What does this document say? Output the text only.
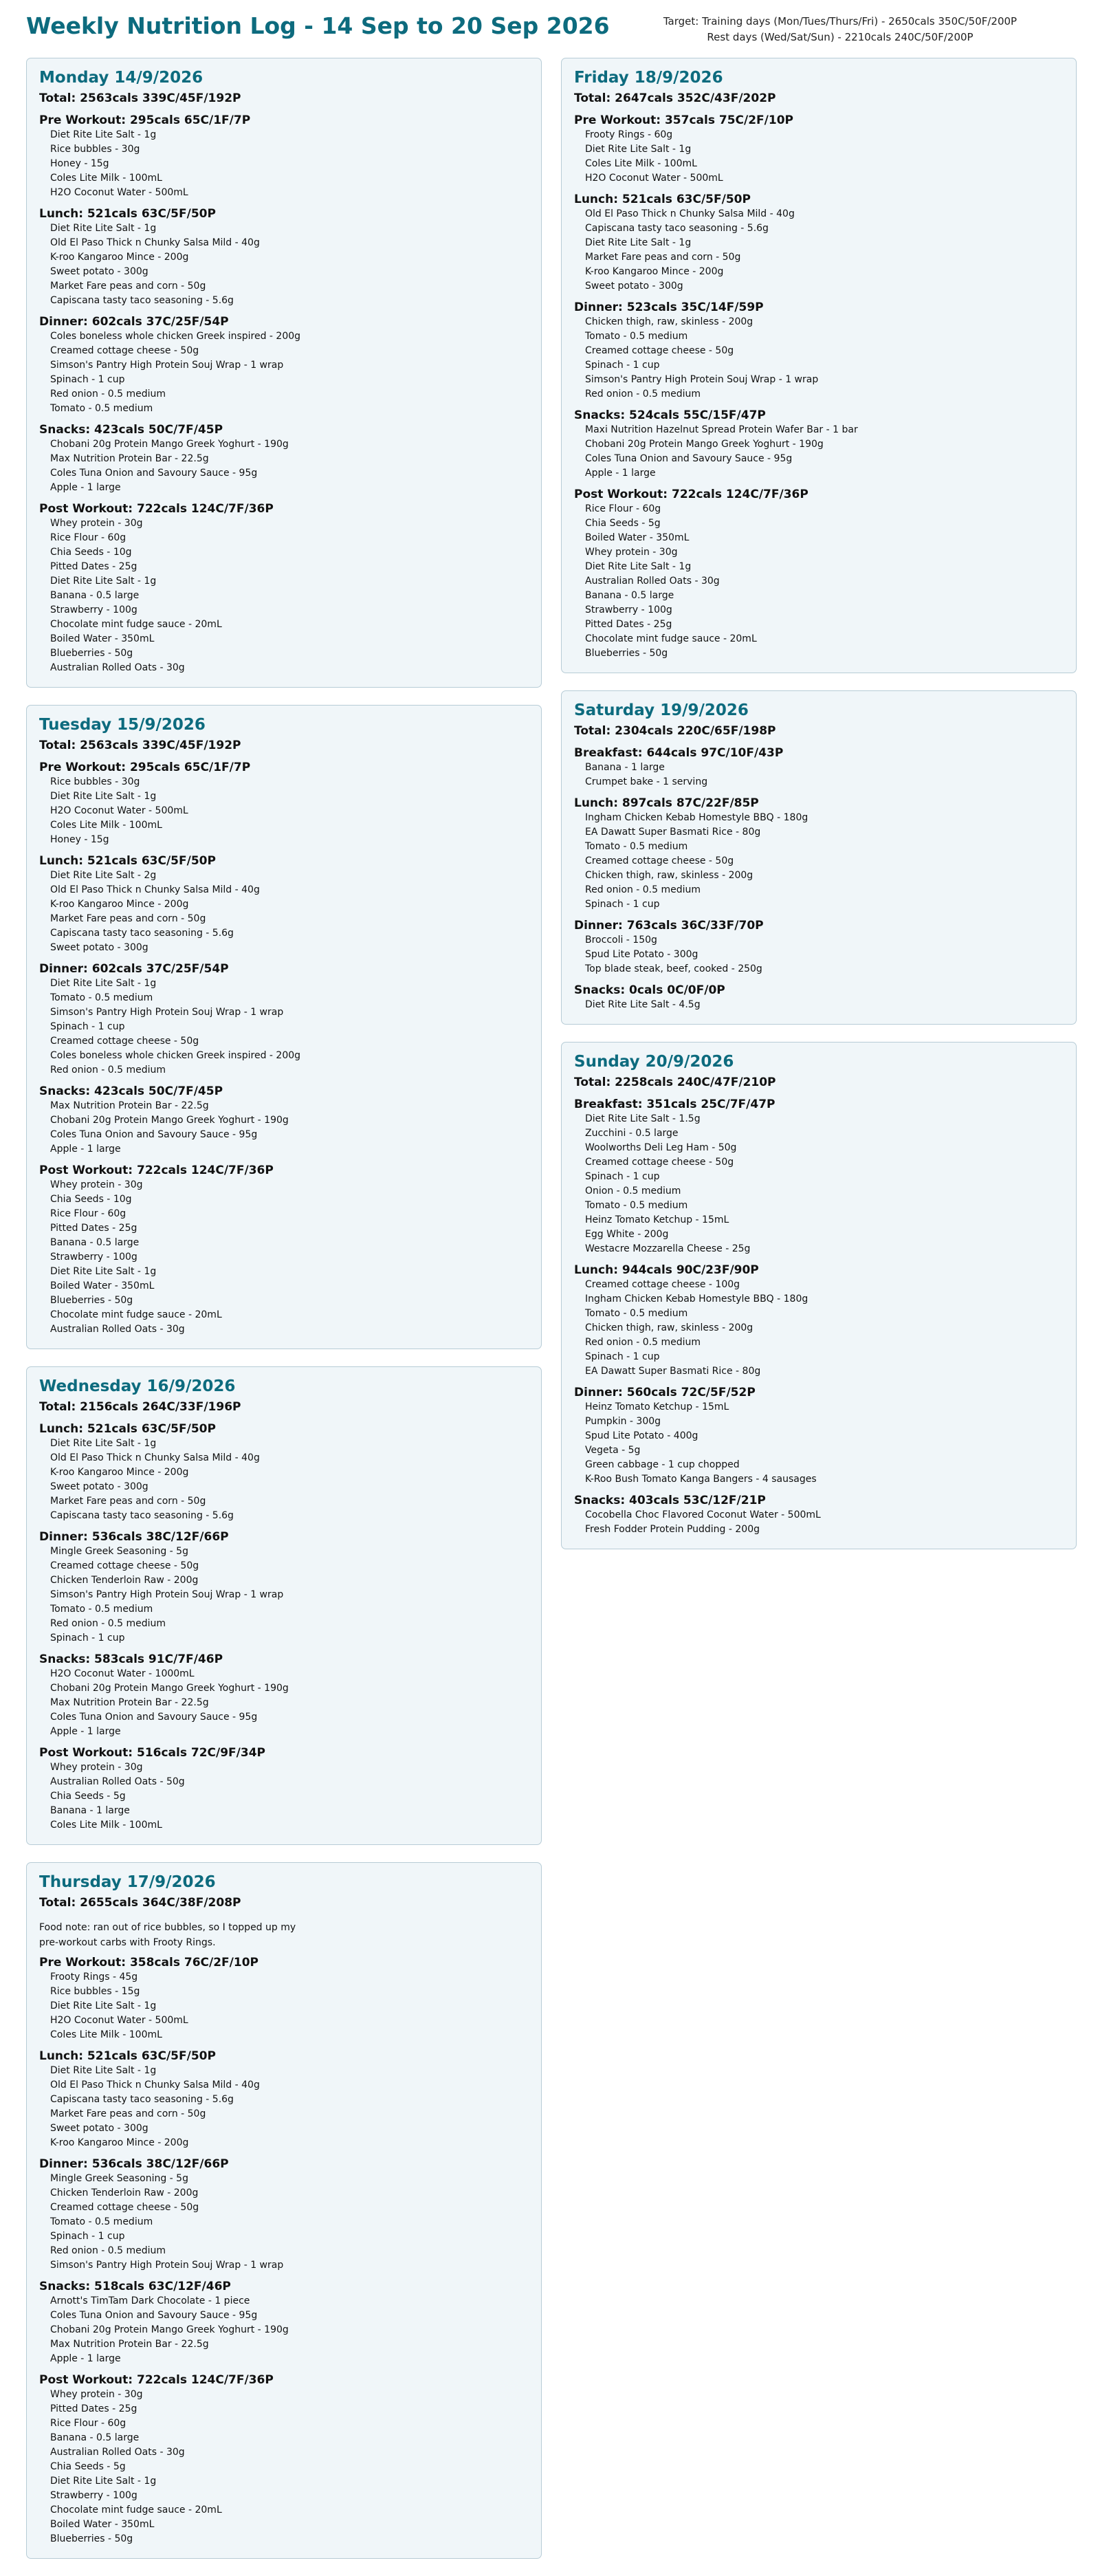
Weekly Nutrition Log - 14 Sep to 20 Sep 2026	Target: Training days (Mon/Tues/Thurs/Fri) - 2650cals 350C/50F/200P
Rest days (Wed/Sat/Sun) - 2210cals 240C/50F/200P
Monday 14/9/2026
Total: 2563cals 339C/45F/192P
Pre Workout: 295cals 65C/1F/7P
Diet Rite Lite Salt - 1g
Rice bubbles - 30g
Honey - 15g
Coles Lite Milk - 100mL
H2O Coconut Water - 500mL
Lunch: 521cals 63C/5F/50P
Diet Rite Lite Salt - 1g
Old El Paso Thick n Chunky Salsa Mild - 40g
K-roo Kangaroo Mince - 200g
Sweet potato - 300g
Market Fare peas and corn - 50g
Capiscana tasty taco seasoning - 5.6g
Dinner: 602cals 37C/25F/54P
Coles boneless whole chicken Greek inspired - 200g
Creamed cottage cheese - 50g
Simson's Pantry High Protein Souj Wrap - 1 wrap
Spinach - 1 cup
Red onion - 0.5 medium
Tomato - 0.5 medium
Snacks: 423cals 50C/7F/45P
Chobani 20g Protein Mango Greek Yoghurt - 190g
Max Nutrition Protein Bar - 22.5g
Coles Tuna Onion and Savoury Sauce - 95g
Apple - 1 large
Post Workout: 722cals 124C/7F/36P
Whey protein - 30g
Rice Flour - 60g
Chia Seeds - 10g
Pitted Dates - 25g
Diet Rite Lite Salt - 1g
Banana - 0.5 large
Strawberry - 100g
Chocolate mint fudge sauce - 20mL
Boiled Water - 350mL
Blueberries - 50g
Australian Rolled Oats - 30g
Tuesday 15/9/2026
Total: 2563cals 339C/45F/192P
Pre Workout: 295cals 65C/1F/7P
Rice bubbles - 30g
Diet Rite Lite Salt - 1g
H2O Coconut Water - 500mL
Coles Lite Milk - 100mL
Honey - 15g
Lunch: 521cals 63C/5F/50P
Diet Rite Lite Salt - 2g
Old El Paso Thick n Chunky Salsa Mild - 40g
K-roo Kangaroo Mince - 200g
Market Fare peas and corn - 50g
Capiscana tasty taco seasoning - 5.6g
Sweet potato - 300g
Dinner: 602cals 37C/25F/54P
Diet Rite Lite Salt - 1g
Tomato - 0.5 medium
Simson's Pantry High Protein Souj Wrap - 1 wrap
Spinach - 1 cup
Creamed cottage cheese - 50g
Coles boneless whole chicken Greek inspired - 200g
Red onion - 0.5 medium
Snacks: 423cals 50C/7F/45P
Max Nutrition Protein Bar - 22.5g
Chobani 20g Protein Mango Greek Yoghurt - 190g
Coles Tuna Onion and Savoury Sauce - 95g
Apple - 1 large
Post Workout: 722cals 124C/7F/36P
Whey protein - 30g
Chia Seeds - 10g
Rice Flour - 60g
Pitted Dates - 25g
Banana - 0.5 large
Strawberry - 100g
Diet Rite Lite Salt - 1g
Boiled Water - 350mL
Blueberries - 50g
Chocolate mint fudge sauce - 20mL
Australian Rolled Oats - 30g
Wednesday 16/9/2026
Total: 2156cals 264C/33F/196P
Lunch: 521cals 63C/5F/50P
Diet Rite Lite Salt - 1g
Old El Paso Thick n Chunky Salsa Mild - 40g
K-roo Kangaroo Mince - 200g
Sweet potato - 300g
Market Fare peas and corn - 50g
Capiscana tasty taco seasoning - 5.6g
Dinner: 536cals 38C/12F/66P
Mingle Greek Seasoning - 5g
Creamed cottage cheese - 50g
Chicken Tenderloin Raw - 200g
Simson's Pantry High Protein Souj Wrap - 1 wrap
Tomato - 0.5 medium
Red onion - 0.5 medium
Spinach - 1 cup
Snacks: 583cals 91C/7F/46P
H2O Coconut Water - 1000mL
Chobani 20g Protein Mango Greek Yoghurt - 190g
Max Nutrition Protein Bar - 22.5g
Coles Tuna Onion and Savoury Sauce - 95g
Apple - 1 large
Post Workout: 516cals 72C/9F/34P
Whey protein - 30g
Australian Rolled Oats - 50g
Chia Seeds - 5g
Banana - 1 large
Coles Lite Milk - 100mL
Thursday 17/9/2026
Total: 2655cals 364C/38F/208P
Food note: ran out of rice bubbles, so I topped up my
pre-workout carbs with Frooty Rings.
Pre Workout: 358cals 76C/2F/10P
Frooty Rings - 45g
Rice bubbles - 15g
Diet Rite Lite Salt - 1g
H2O Coconut Water - 500mL
Coles Lite Milk - 100mL
Lunch: 521cals 63C/5F/50P
Diet Rite Lite Salt - 1g
Old El Paso Thick n Chunky Salsa Mild - 40g
Capiscana tasty taco seasoning - 5.6g
Market Fare peas and corn - 50g
Sweet potato - 300g
K-roo Kangaroo Mince - 200g
Dinner: 536cals 38C/12F/66P
Mingle Greek Seasoning - 5g
Chicken Tenderloin Raw - 200g
Creamed cottage cheese - 50g
Tomato - 0.5 medium
Spinach - 1 cup
Red onion - 0.5 medium
Simson's Pantry High Protein Souj Wrap - 1 wrap
Snacks: 518cals 63C/12F/46P
Arnott's TimTam Dark Chocolate - 1 piece
Coles Tuna Onion and Savoury Sauce - 95g
Chobani 20g Protein Mango Greek Yoghurt - 190g
Max Nutrition Protein Bar - 22.5g
Apple - 1 large
Post Workout: 722cals 124C/7F/36P
Whey protein - 30g
Pitted Dates - 25g
Rice Flour - 60g
Banana - 0.5 large
Australian Rolled Oats - 30g
Chia Seeds - 5g
Diet Rite Lite Salt - 1g
Strawberry - 100g
Chocolate mint fudge sauce - 20mL
Boiled Water - 350mL
Blueberries - 50g
Friday 18/9/2026
Total: 2647cals 352C/43F/202P
Pre Workout: 357cals 75C/2F/10P
Frooty Rings - 60g
Diet Rite Lite Salt - 1g
Coles Lite Milk - 100mL
H2O Coconut Water - 500mL
Lunch: 521cals 63C/5F/50P
Old El Paso Thick n Chunky Salsa Mild - 40g
Capiscana tasty taco seasoning - 5.6g
Diet Rite Lite Salt - 1g
Market Fare peas and corn - 50g
K-roo Kangaroo Mince - 200g
Sweet potato - 300g
Dinner: 523cals 35C/14F/59P
Chicken thigh, raw, skinless - 200g
Tomato - 0.5 medium
Creamed cottage cheese - 50g
Spinach - 1 cup
Simson's Pantry High Protein Souj Wrap - 1 wrap
Red onion - 0.5 medium
Snacks: 524cals 55C/15F/47P
Maxi Nutrition Hazelnut Spread Protein Wafer Bar - 1 bar
Chobani 20g Protein Mango Greek Yoghurt - 190g
Coles Tuna Onion and Savoury Sauce - 95g
Apple - 1 large
Post Workout: 722cals 124C/7F/36P
Rice Flour - 60g
Chia Seeds - 5g
Boiled Water - 350mL
Whey protein - 30g
Diet Rite Lite Salt - 1g
Australian Rolled Oats - 30g
Banana - 0.5 large
Strawberry - 100g
Pitted Dates - 25g
Chocolate mint fudge sauce - 20mL
Blueberries - 50g
Saturday 19/9/2026
Total: 2304cals 220C/65F/198P
Breakfast: 644cals 97C/10F/43P
Banana - 1 large
Crumpet bake - 1 serving
Lunch: 897cals 87C/22F/85P
Ingham Chicken Kebab Homestyle BBQ - 180g
EA Dawatt Super Basmati Rice - 80g
Tomato - 0.5 medium
Creamed cottage cheese - 50g
Chicken thigh, raw, skinless - 200g
Red onion - 0.5 medium
Spinach - 1 cup
Dinner: 763cals 36C/33F/70P
Broccoli - 150g
Spud Lite Potato - 300g
Top blade steak, beef, cooked - 250g
Snacks: 0cals 0C/0F/0P
Diet Rite Lite Salt - 4.5g
Sunday 20/9/2026
Total: 2258cals 240C/47F/210P
Breakfast: 351cals 25C/7F/47P
Diet Rite Lite Salt - 1.5g
Zucchini - 0.5 large
Woolworths Deli Leg Ham - 50g
Creamed cottage cheese - 50g
Spinach - 1 cup
Onion - 0.5 medium
Tomato - 0.5 medium
Heinz Tomato Ketchup - 15mL
Egg White - 200g
Westacre Mozzarella Cheese - 25g
Lunch: 944cals 90C/23F/90P
Creamed cottage cheese - 100g
Ingham Chicken Kebab Homestyle BBQ - 180g
Tomato - 0.5 medium
Chicken thigh, raw, skinless - 200g
Red onion - 0.5 medium
Spinach - 1 cup
EA Dawatt Super Basmati Rice - 80g
Dinner: 560cals 72C/5F/52P
Heinz Tomato Ketchup - 15mL
Pumpkin - 300g
Spud Lite Potato - 400g
Vegeta - 5g
Green cabbage - 1 cup chopped
K-Roo Bush Tomato Kanga Bangers - 4 sausages
Snacks: 403cals 53C/12F/21P
Cocobella Choc Flavored Coconut Water - 500mL
Fresh Fodder Protein Pudding - 200g
